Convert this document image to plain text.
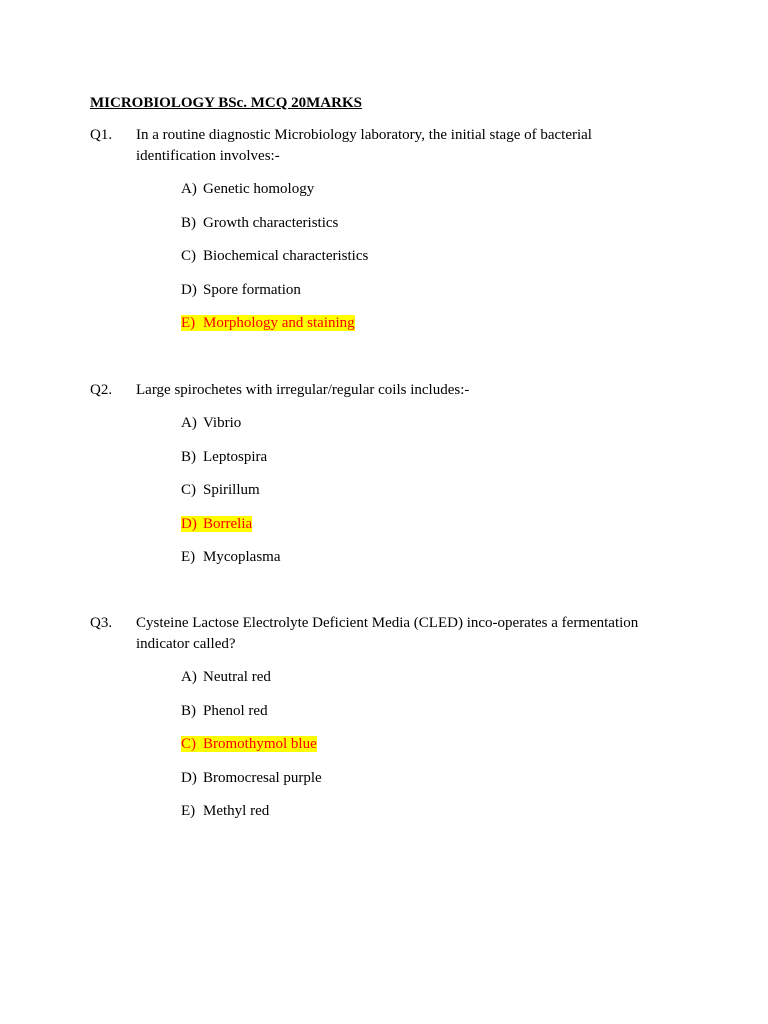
MICROBIOLOGY BSc. MCQ 20MARKS
Q1. In a routine diagnostic Microbiology laboratory, the initial stage of bacterial identification involves:-
A) Genetic homology
B) Growth characteristics
C) Biochemical characteristics
D) Spore formation
E) Morphology and staining
Q2. Large spirochetes with irregular/regular coils includes:-
A) Vibrio
B) Leptospira
C) Spirillum
D) Borrelia
E) Mycoplasma
Q3. Cysteine Lactose Electrolyte Deficient Media (CLED) inco-operates a fermentation indicator called?
A) Neutral red
B) Phenol red
C) Bromothymol blue
D) Bromocresal purple
E) Methyl red
